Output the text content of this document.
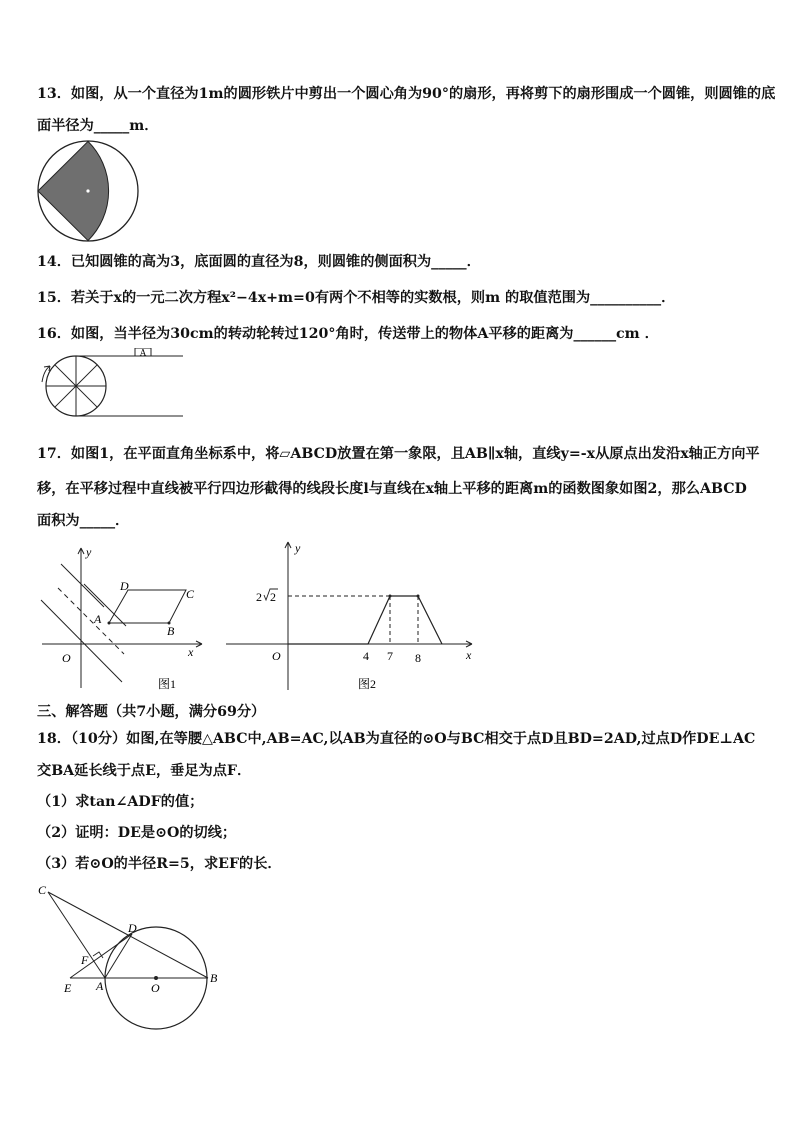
13．如图，从一个直径为1m的圆形铁片中剪出一个圆心角为90°的扇形，再将剪下的扇形围成一个圆锥，则圆锥的底
面半径为_____m．
14．已知圆锥的高为3，底面圆的直径为8，则圆锥的侧面积为_____．
15．若关于x的一元二次方程x²−4x+m=0有两个不相等的实数根，则m 的取值范围为__________．
16．如图，当半径为30cm的转动轮转过120°角时，传送带上的物体A平移的距离为______cm ．
A
17．如图1，在平面直角坐标系中，将▱ABCD放置在第一象限，且AB∥x轴，直线y=-x从原点出发沿x轴正方向平
移，在平移过程中直线被平行四边形截得的线段长度l与直线在x轴上平移的距离m的函数图象如图2，那么ABCD
面积为_____．
y
x
O
A
B
C
D
图1
y
x
O
2 2
4 7 8
图2
三、解答题（共7小题，满分69分）
18．（10分）如图,在等腰△ABC中,AB=AC,以AB为直径的⊙O与BC相交于点D且BD=2AD,过点D作DE⊥AC
交BA延长线于点E，垂足为点F．
（1）求tan∠ADF的值；
（2）证明：DE是⊙O的切线；
（3）若⊙O的半径R=5，求EF的长．
C
D
F
E A	O
B
